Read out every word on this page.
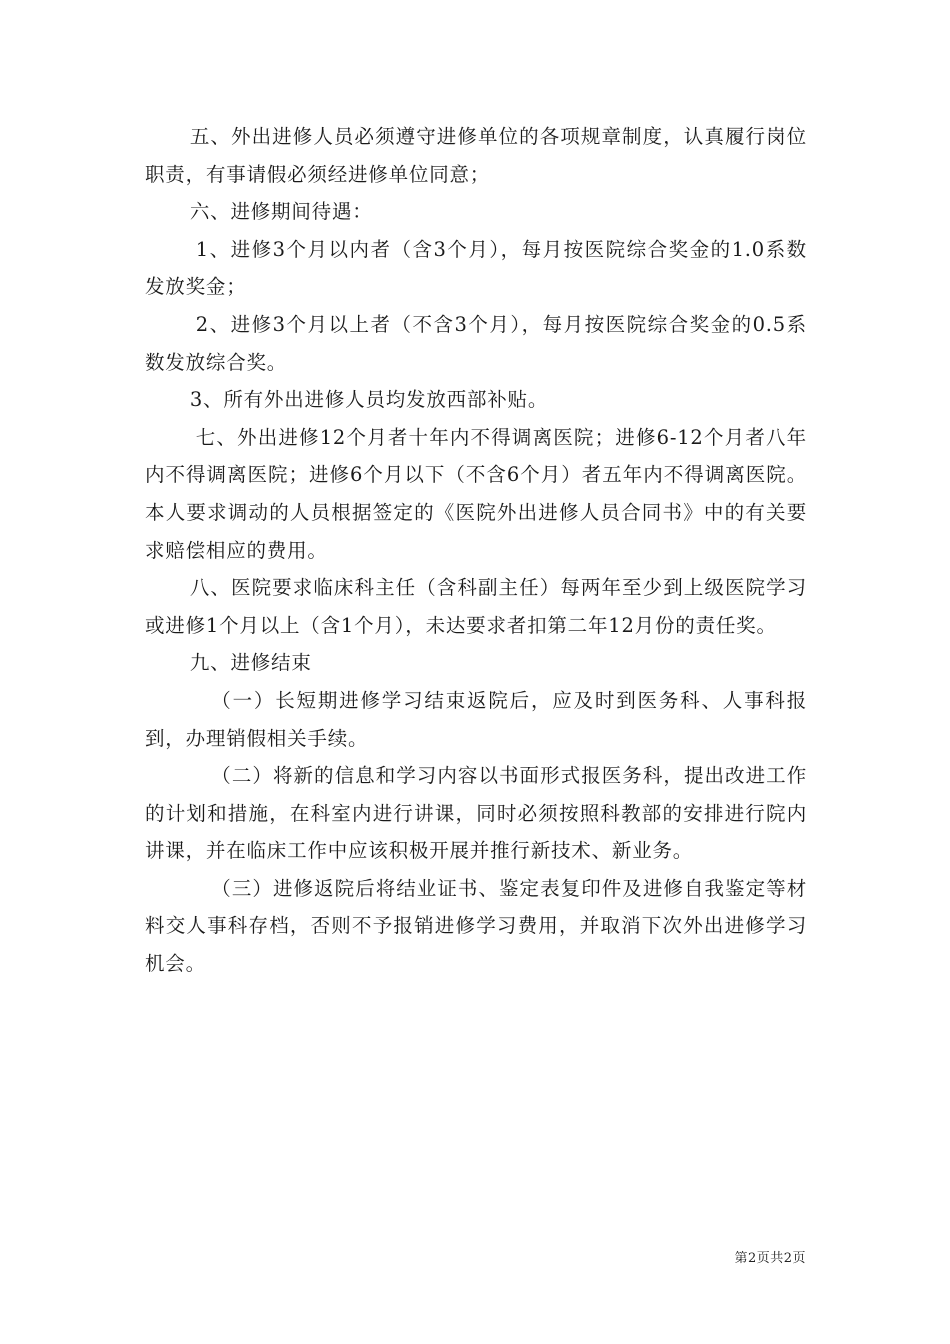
五、外出进修人员必须遵守进修单位的各项规章制度，认真履行岗位职责，有事请假必须经进修单位同意；

六、进修期间待遇：

1、进修3个月以内者（含3个月），每月按医院综合奖金的1.0系数发放奖金；

2、进修3个月以上者（不含3个月），每月按医院综合奖金的0.5系数发放综合奖。

3、所有外出进修人员均发放西部补贴。

七、外出进修12个月者十年内不得调离医院；进修6-12个月者八年内不得调离医院；进修6个月以下（不含6个月）者五年内不得调离医院。本人要求调动的人员根据签定的《医院外出进修人员合同书》中的有关要求赔偿相应的费用。

八、医院要求临床科主任（含科副主任）每两年至少到上级医院学习或进修1个月以上（含1个月），未达要求者扣第二年12月份的责任奖。

九、进修结束

（一）长短期进修学习结束返院后，应及时到医务科、人事科报到，办理销假相关手续。

（二）将新的信息和学习内容以书面形式报医务科，提出改进工作的计划和措施，在科室内进行讲课，同时必须按照科教部的安排进行院内讲课，并在临床工作中应该积极开展并推行新技术、新业务。

（三）进修返院后将结业证书、鉴定表复印件及进修自我鉴定等材料交人事科存档，否则不予报销进修学习费用，并取消下次外出进修学习机会。

第2页共2页
